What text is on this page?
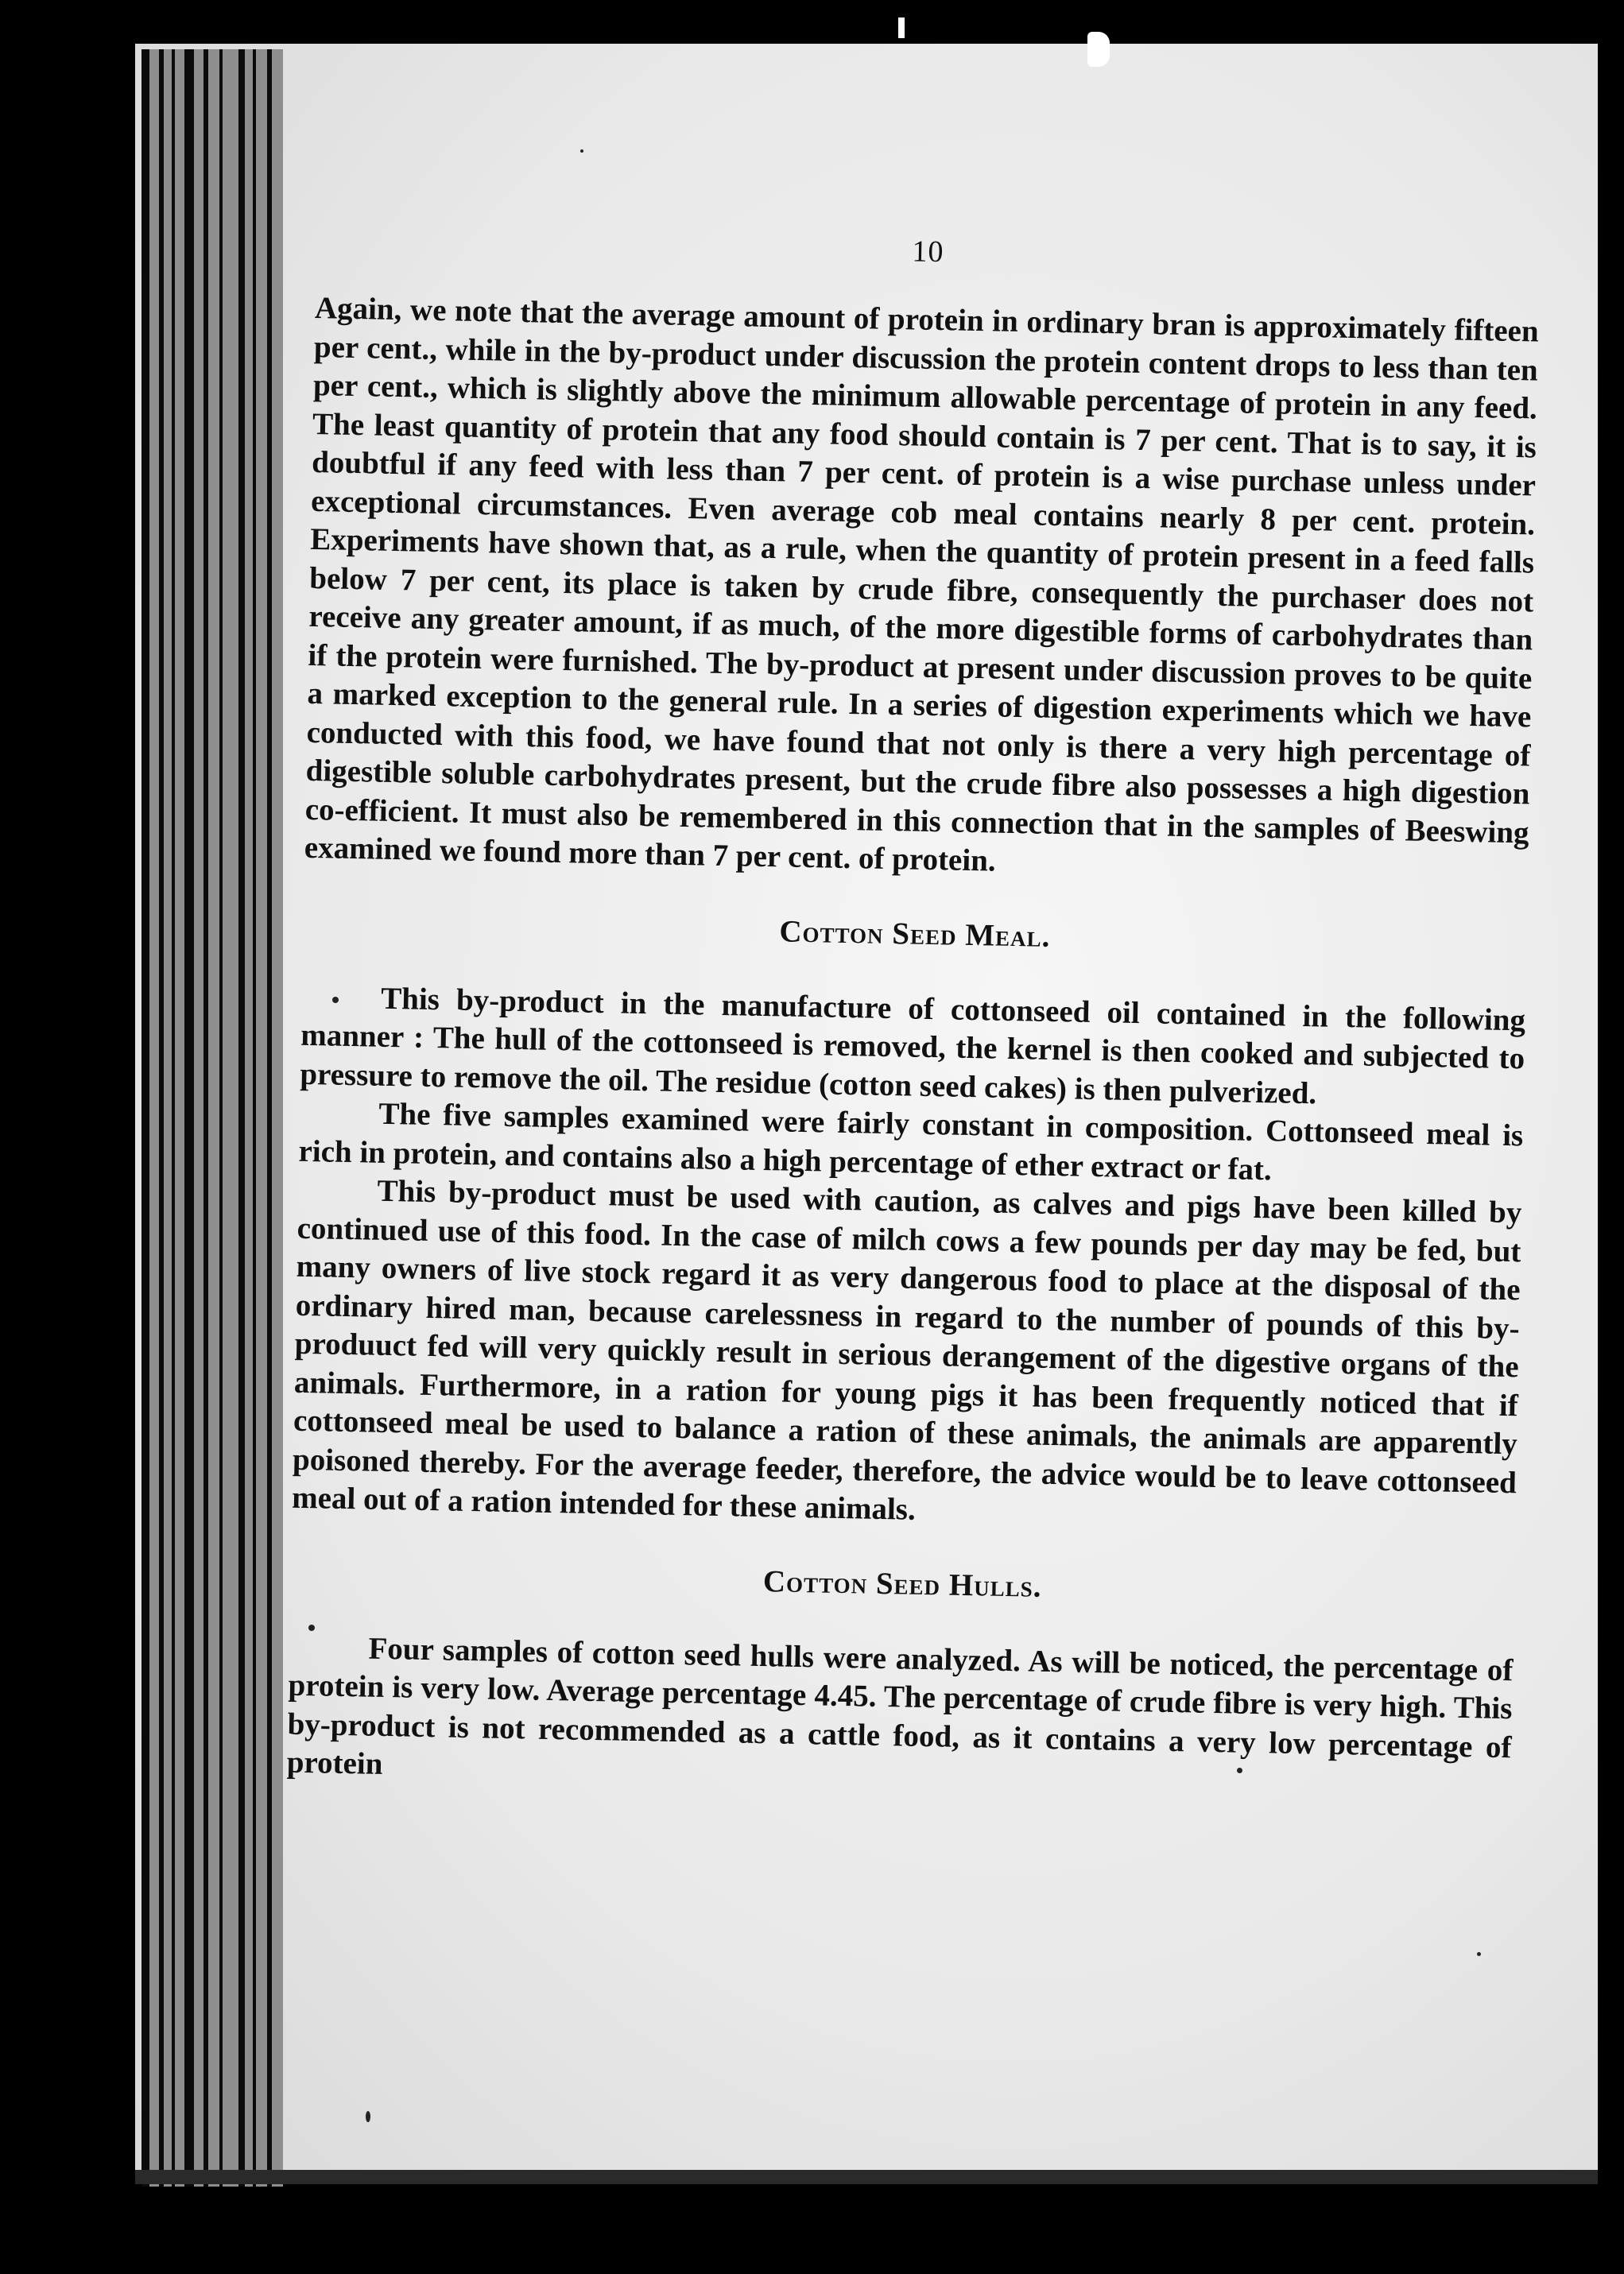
10

Again, we note that the average amount of protein in ordinary bran is approximately fifteen per cent., while in the by-product under discussion the protein content drops to less than ten per cent., which is slightly above the minimum allowable percentage of protein in any feed. The least quantity of protein that any food should contain is 7 per cent. That is to say, it is doubtful if any feed with less than 7 per cent. of protein is a wise purchase unless under exceptional circumstances. Even average cob meal contains nearly 8 per cent. protein. Experiments have shown that, as a rule, when the quantity of protein present in a feed falls below 7 per cent, its place is taken by crude fibre, consequently the purchaser does not receive any greater amount, if as much, of the more digestible forms of carbohydrates than if the protein were furnished. The by-product at present under discussion proves to be quite a marked exception to the general rule. In a series of digestion experiments which we have conducted with this food, we have found that not only is there a very high percentage of digestible soluble carbohydrates present, but the crude fibre also possesses a high digestion co-efficient. It must also be remembered in this connection that in the samples of Beeswing examined we found more than 7 per cent. of protein.

Cotton Seed Meal.

This by-product in the manufacture of cottonseed oil contained in the following manner : The hull of the cottonseed is removed, the kernel is then cooked and subjected to pressure to remove the oil. The residue (cotton seed cakes) is then pulverized.

The five samples examined were fairly constant in composition. Cottonseed meal is rich in protein, and contains also a high percentage of ether extract or fat.

This by-product must be used with caution, as calves and pigs have been killed by continued use of this food. In the case of milch cows a few pounds per day may be fed, but many owners of live stock regard it as very dangerous food to place at the disposal of the ordinary hired man, because carelessness in regard to the number of pounds of this by-produuct fed will very quickly result in serious derangement of the digestive organs of the animals. Furthermore, in a ration for young pigs it has been frequently noticed that if cottonseed meal be used to balance a ration of these animals, the animals are apparently poisoned thereby. For the average feeder, therefore, the advice would be to leave cottonseed meal out of a ration intended for these animals.

Cotton Seed Hulls.

Four samples of cotton seed hulls were analyzed. As will be noticed, the percentage of protein is very low. Average percentage 4.45. The percentage of crude fibre is very high. This by-product is not recommended as a cattle food, as it contains a very low percentage of protein
